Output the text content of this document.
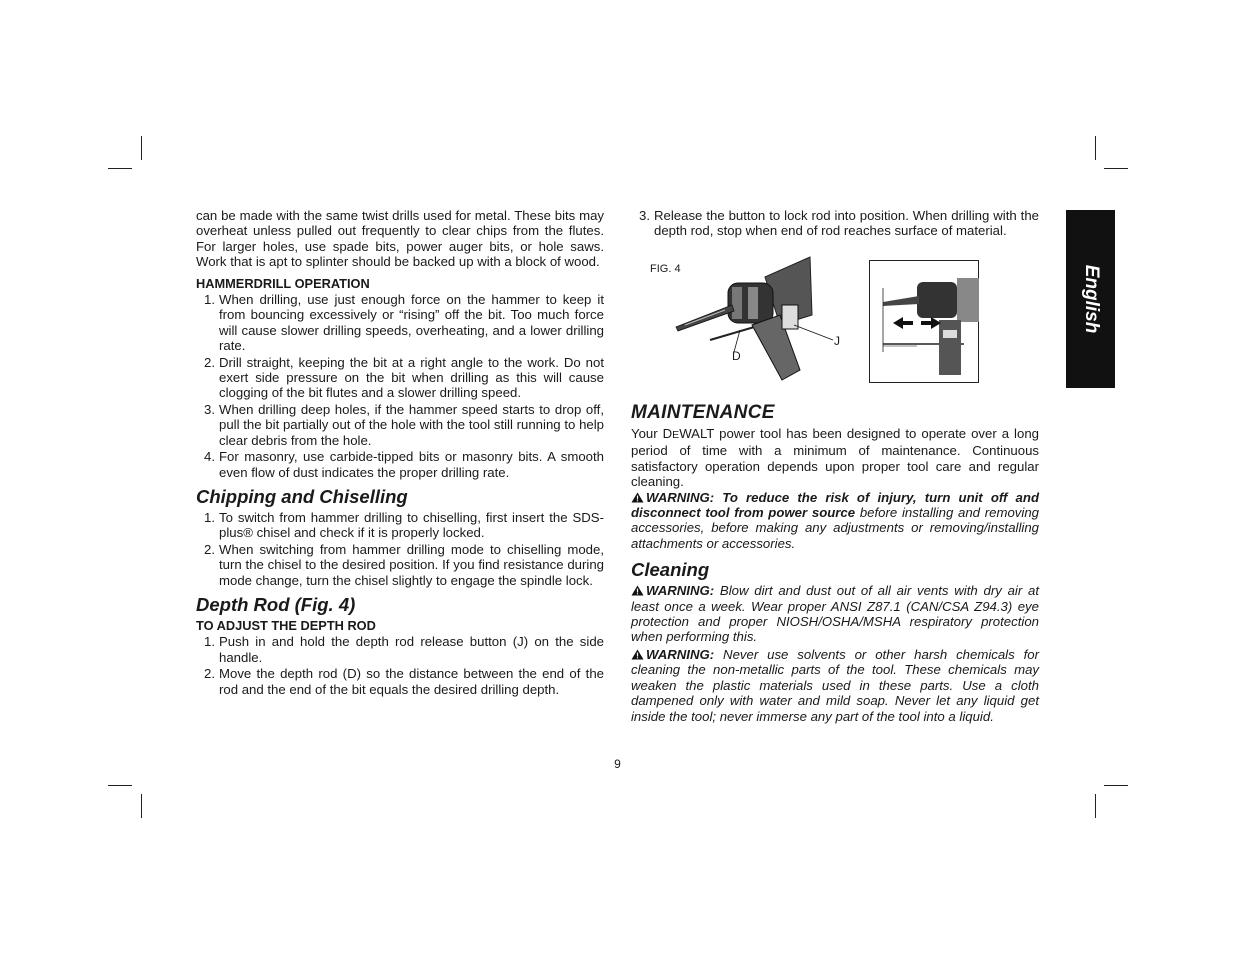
English

can be made with the same twist drills used for metal. These bits may overheat unless pulled out frequently to clear chips from the flutes. For larger holes, use spade bits, power auger bits, or hole saws. Work that is apt to splinter should be backed up with a block of wood.

HAMMERDRILL OPERATION
1. When drilling, use just enough force on the hammer to keep it from bouncing excessively or “rising” off the bit. Too much force will cause slower drilling speeds, overheating, and a lower drilling rate.
2. Drill straight, keeping the bit at a right angle to the work. Do not exert side pressure on the bit when drilling as this will cause clogging of the bit flutes and a slower drilling speed.
3. When drilling deep holes, if the hammer speed starts to drop off, pull the bit partially out of the hole with the tool still running to help clear debris from the hole.
4. For masonry, use carbide-tipped bits or masonry bits. A smooth even flow of dust indicates the proper drilling rate.
Chipping and Chiselling
1. To switch from hammer drilling to chiselling, first insert the SDS-plus® chisel and check if it is properly locked.
2. When switching from hammer drilling mode to chiselling mode, turn the chisel to the desired position. If you find resistance during mode change, turn the chisel slightly to engage the spindle lock.
Depth Rod (Fig. 4)
TO ADJUST THE DEPTH ROD
1. Push in and hold the depth rod release button (J) on the side handle.
2. Move the depth rod (D) so the distance between the end of the rod and the end of the bit equals the desired drilling depth.
3. Release the button to lock rod into position. When drilling with the depth rod, stop when end of rod reaches surface of material.
FIG. 4
D
J
MAINTENANCE

Your DEWALT power tool has been designed to operate over a long period of time with a minimum of maintenance. Continuous satisfactory operation depends upon proper tool care and regular cleaning.

WARNING: To reduce the risk of injury, turn unit off and disconnect tool from power source before installing and removing accessories, before making any adjustments or removing/installing attachments or accessories.

Cleaning

WARNING: Blow dirt and dust out of all air vents with dry air at least once a week. Wear proper ANSI Z87.1 (CAN/CSA Z94.3) eye protection and proper NIOSH/OSHA/MSHA respiratory protection when performing this.

WARNING: Never use solvents or other harsh chemicals for cleaning the non-metallic parts of the tool. These chemicals may weaken the plastic materials used in these parts. Use a cloth dampened only with water and mild soap. Never let any liquid get inside the tool; never immerse any part of the tool into a liquid.

9
